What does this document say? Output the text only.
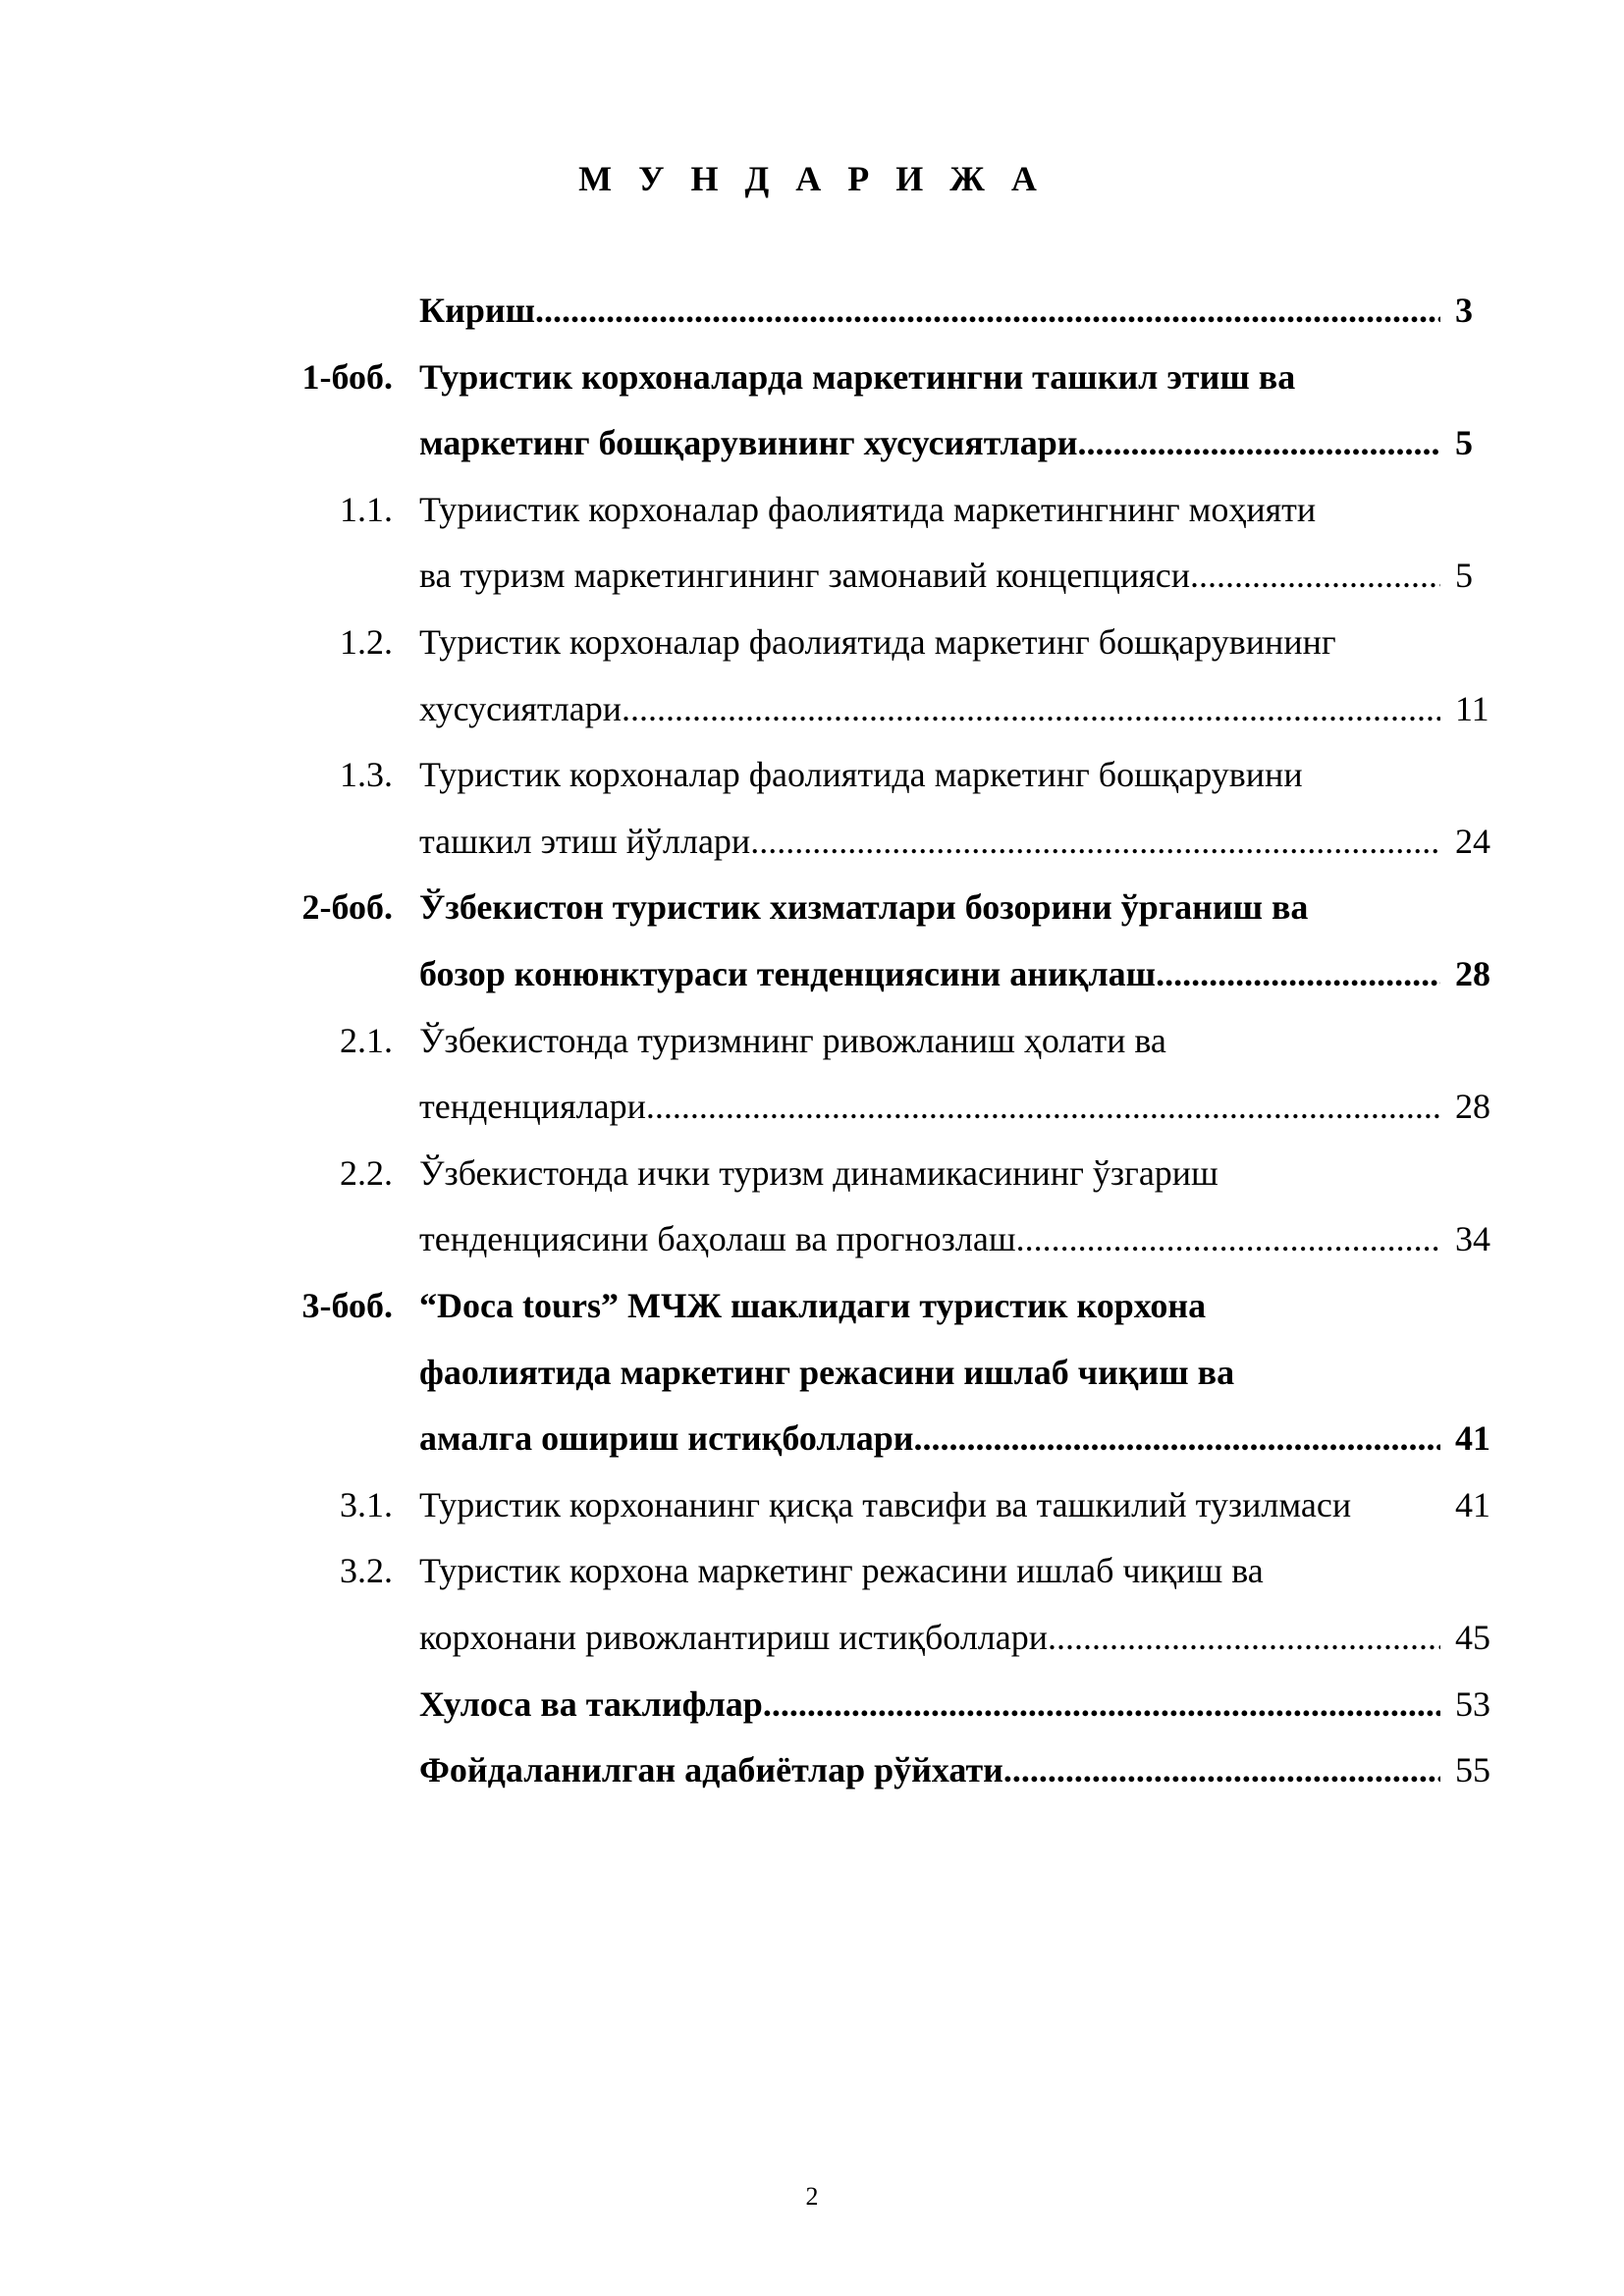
М У Н Д А Р И Ж А
Кириш .....	3
1-боб. Туристик корхоналарда маркетингни ташкил этиш ва
маркетинг бошқарувининг хусусиятлари .....	5
1.1. Туриистик корхоналар фаолиятида маркетингнинг моҳияти
ва туризм маркетингининг замонавий концепцияси .....	5
1.2. Туристик корхоналар фаолиятида маркетинг бошқарувининг
хусусиятлари .....	11
1.3. Туристик корхоналар фаолиятида маркетинг бошқарувини
ташкил этиш йўллари .....	24
2-боб. Ўзбекистон туристик хизматлари бозорини ўрганиш ва
бозор конюнктураси тенденциясини аниқлаш .....	28
2.1. Ўзбекистонда туризмнинг ривожланиш ҳолати ва
тенденциялари .....	28
2.2. Ўзбекистонда ички туризм динамикасининг ўзгариш
тенденциясини баҳолаш ва прогнозлаш .....	34
3-боб. “Doca tours” МЧЖ шаклидаги туристик корхона
фаолиятида маркетинг режасини ишлаб чиқиш ва
амалга ошириш истиқболлари .....	41
3.1. Туристик корхонанинг қисқа тавсифи ва ташкилий тузилмаси	41
3.2. Туристик корхона маркетинг режасини ишлаб чиқиш ва
корхонани ривожлантириш истиқболлари .....	45
Хулоса ва таклифлар .....	53
Фойдаланилган адабиётлар рўйхати .....	55
2
